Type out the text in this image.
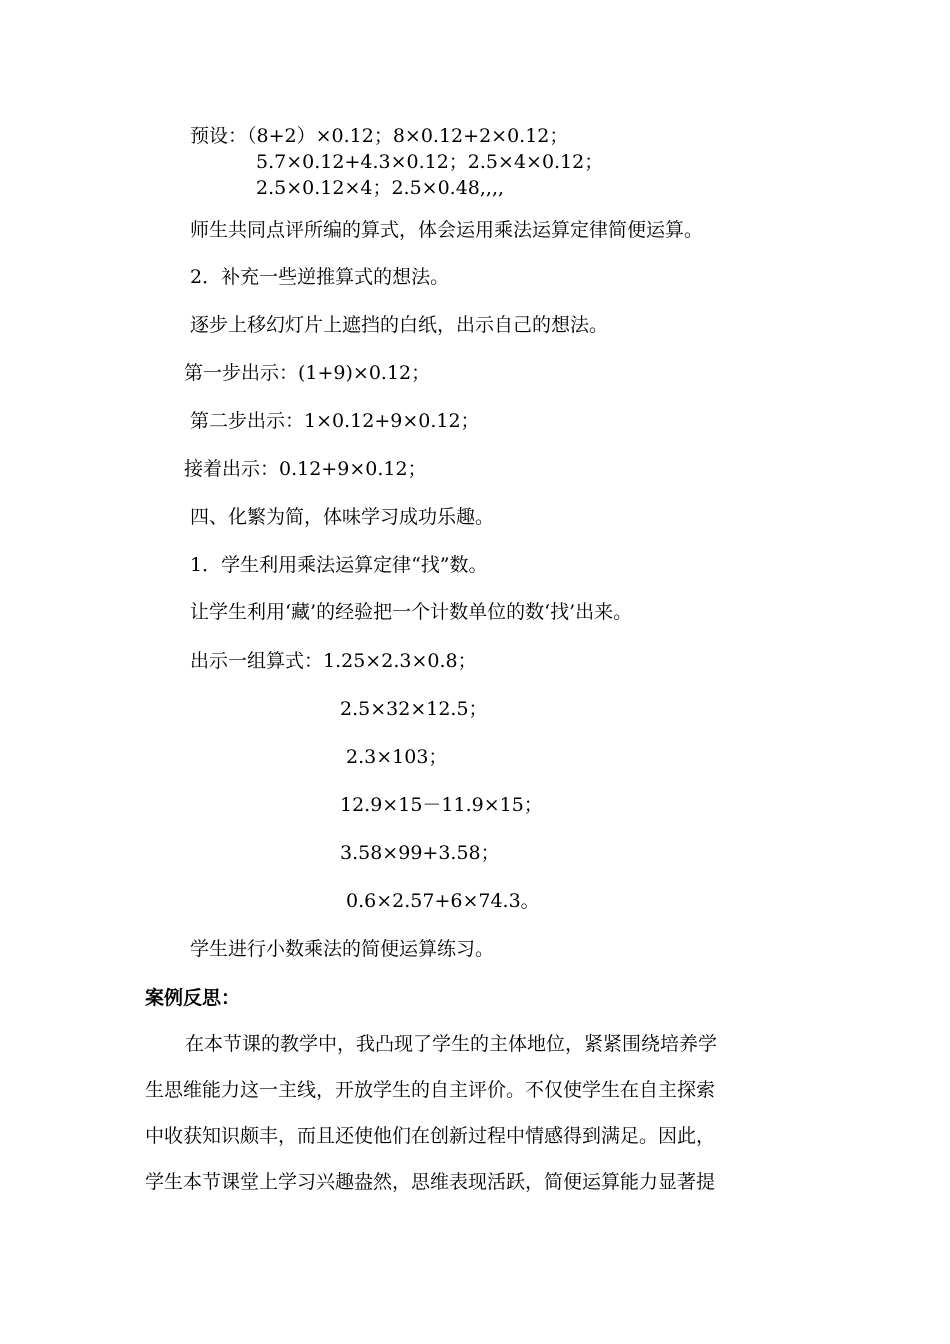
预设：（8+2）×0.12；8×0.12+2×0.12；
5.7×0.12+4.3×0.12；2.5×4×0.12；
2.5×0.12×4；2.5×0.48,,,,
师生共同点评所编的算式，体会运用乘法运算定律简便运算。
2．补充一些逆推算式的想法。
逐步上移幻灯片上遮挡的白纸，出示自己的想法。
第一步出示：(1+9)×0.12；
第二步出示：1×0.12+9×0.12；
接着出示：0.12+9×0.12；
四、化繁为简，体味学习成功乐趣。
1．学生利用乘法运算定律“找”数。
让学生利用‘藏’的经验把一个计数单位的数‘找’出来。
出示一组算式：1.25×2.3×0.8；
2.5×32×12.5；
2.3×103；
12.9×15－11.9×15；
3.58×99+3.58；
0.6×2.57+6×74.3。
学生进行小数乘法的简便运算练习。
案例反思：
在本节课的教学中，我凸现了学生的主体地位，紧紧围绕培养学
生思维能力这一主线，开放学生的自主评价。不仅使学生在自主探索
中收获知识颇丰，而且还使他们在创新过程中情感得到满足。因此，
学生本节课堂上学习兴趣盎然，思维表现活跃，简便运算能力显著提
